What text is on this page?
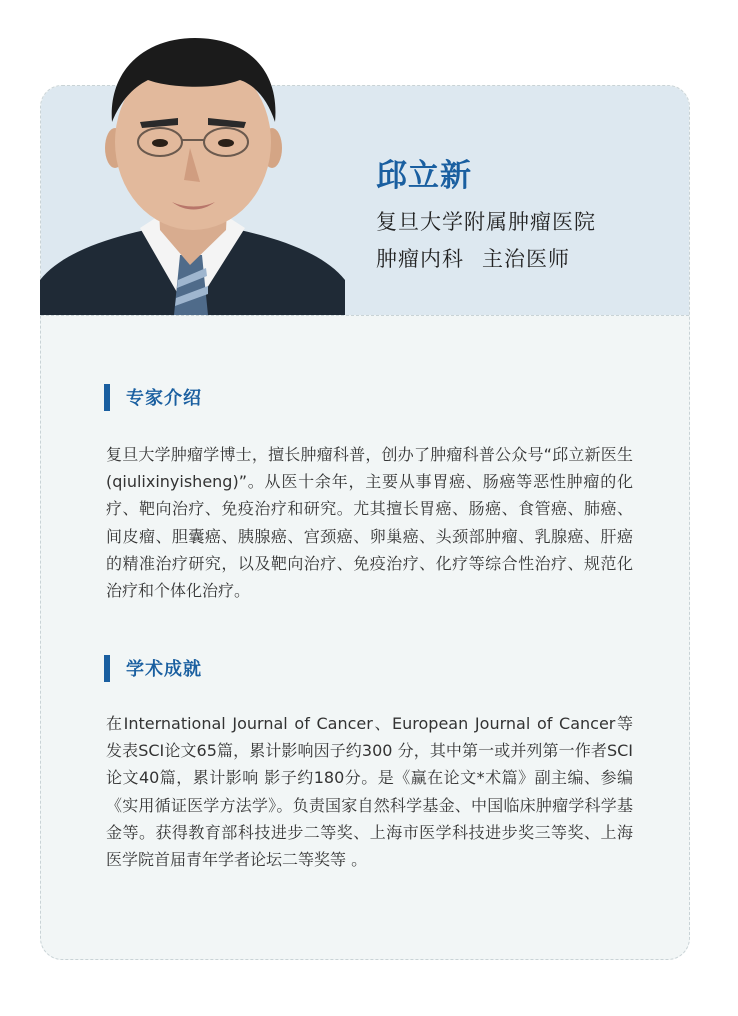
邱立新
复旦大学附属肿瘤医院
肿瘤内科 主治医师
专家介绍
复旦大学肿瘤学博士，擅长肿瘤科普，创办了肿瘤科普公众号“邱立新医生(qiulixinyisheng)”。从医十余年，主要从事胃癌、肠癌等恶性肿瘤的化疗、靶向治疗、免疫治疗和研究。尤其擅长胃癌、肠癌、食管癌、肺癌、间皮瘤、胆囊癌、胰腺癌、宫颈癌、卵巢癌、头颈部肿瘤、乳腺癌、肝癌的精准治疗研究，以及靶向治疗、免疫治疗、化疗等综合性治疗、规范化治疗和个体化治疗。
学术成就
在International Journal of Cancer、European Journal of Cancer等发表SCI论文65篇，累计影响因子约300 分，其中第一或并列第一作者SCI论文40篇，累计影响 影子约180分。是《赢在论文*术篇》副主编、参编《实用循证医学方法学》。负责国家自然科学基金、中国临床肿瘤学科学基金等。获得教育部科技进步二等奖、上海市医学科技进步奖三等奖、上海医学院首届青年学者论坛二等奖等 。
